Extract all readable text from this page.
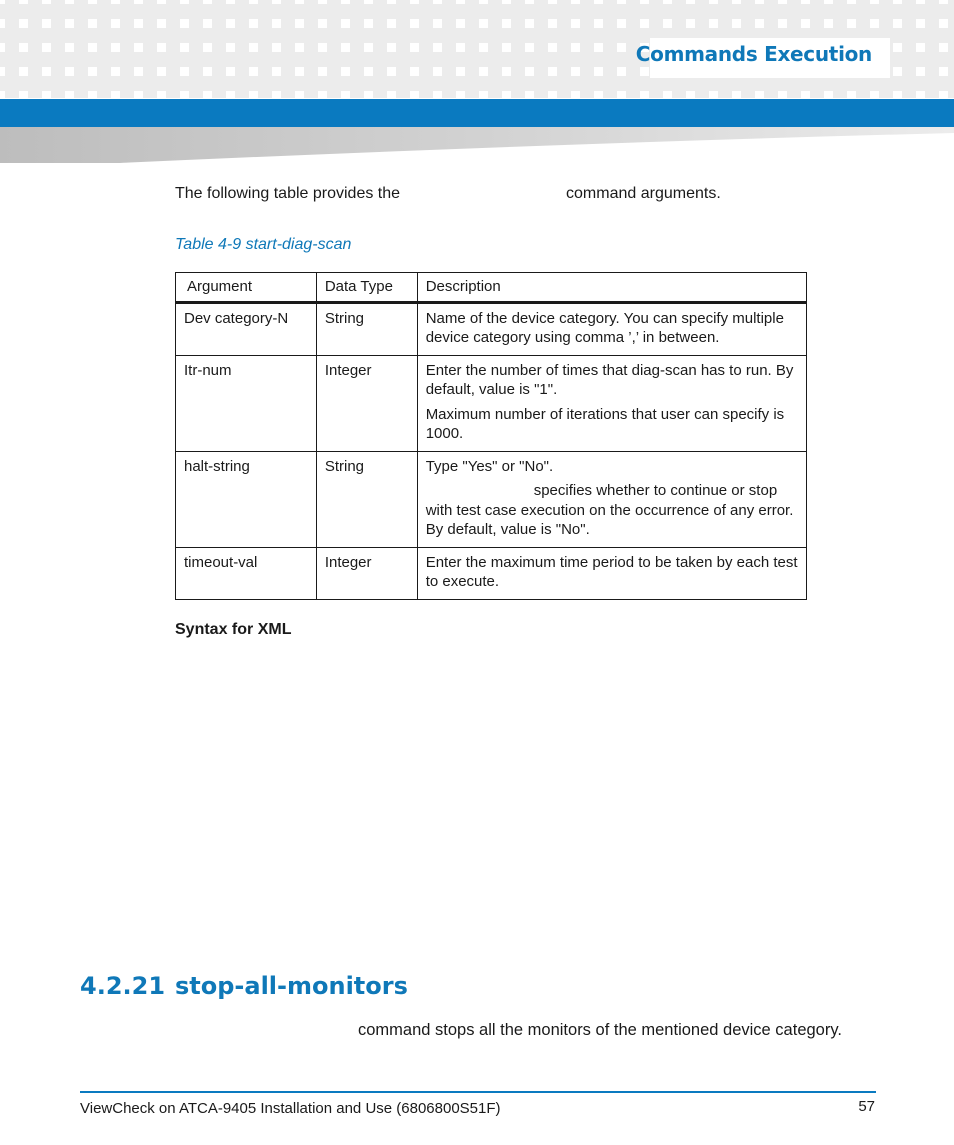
Commands Execution
The following table provides the	command arguments.
Table 4-9 start-diag-scan
Argument	Data Type	Description
Dev category-N	String	Name of the device category. You can specify multiple device category using comma ’,’ in between.

Itr-num	Integer	Enter the number of times that diag-scan has to run. By default, value is "1".

Maximum number of iterations that user can specify is 1000.

halt-string	String	Type "Yes" or "No".

specifies whether to continue or stop
with test case execution on the occurrence of any error. By default, value is "No".

timeout-val	Integer	Enter the maximum time period to be taken by each test to execute.

Syntax for XML
4.2.21 stop-all-monitors
command stops all the monitors of the mentioned device category.
ViewCheck on ATCA-9405 Installation and Use (6806800S51F)	57
